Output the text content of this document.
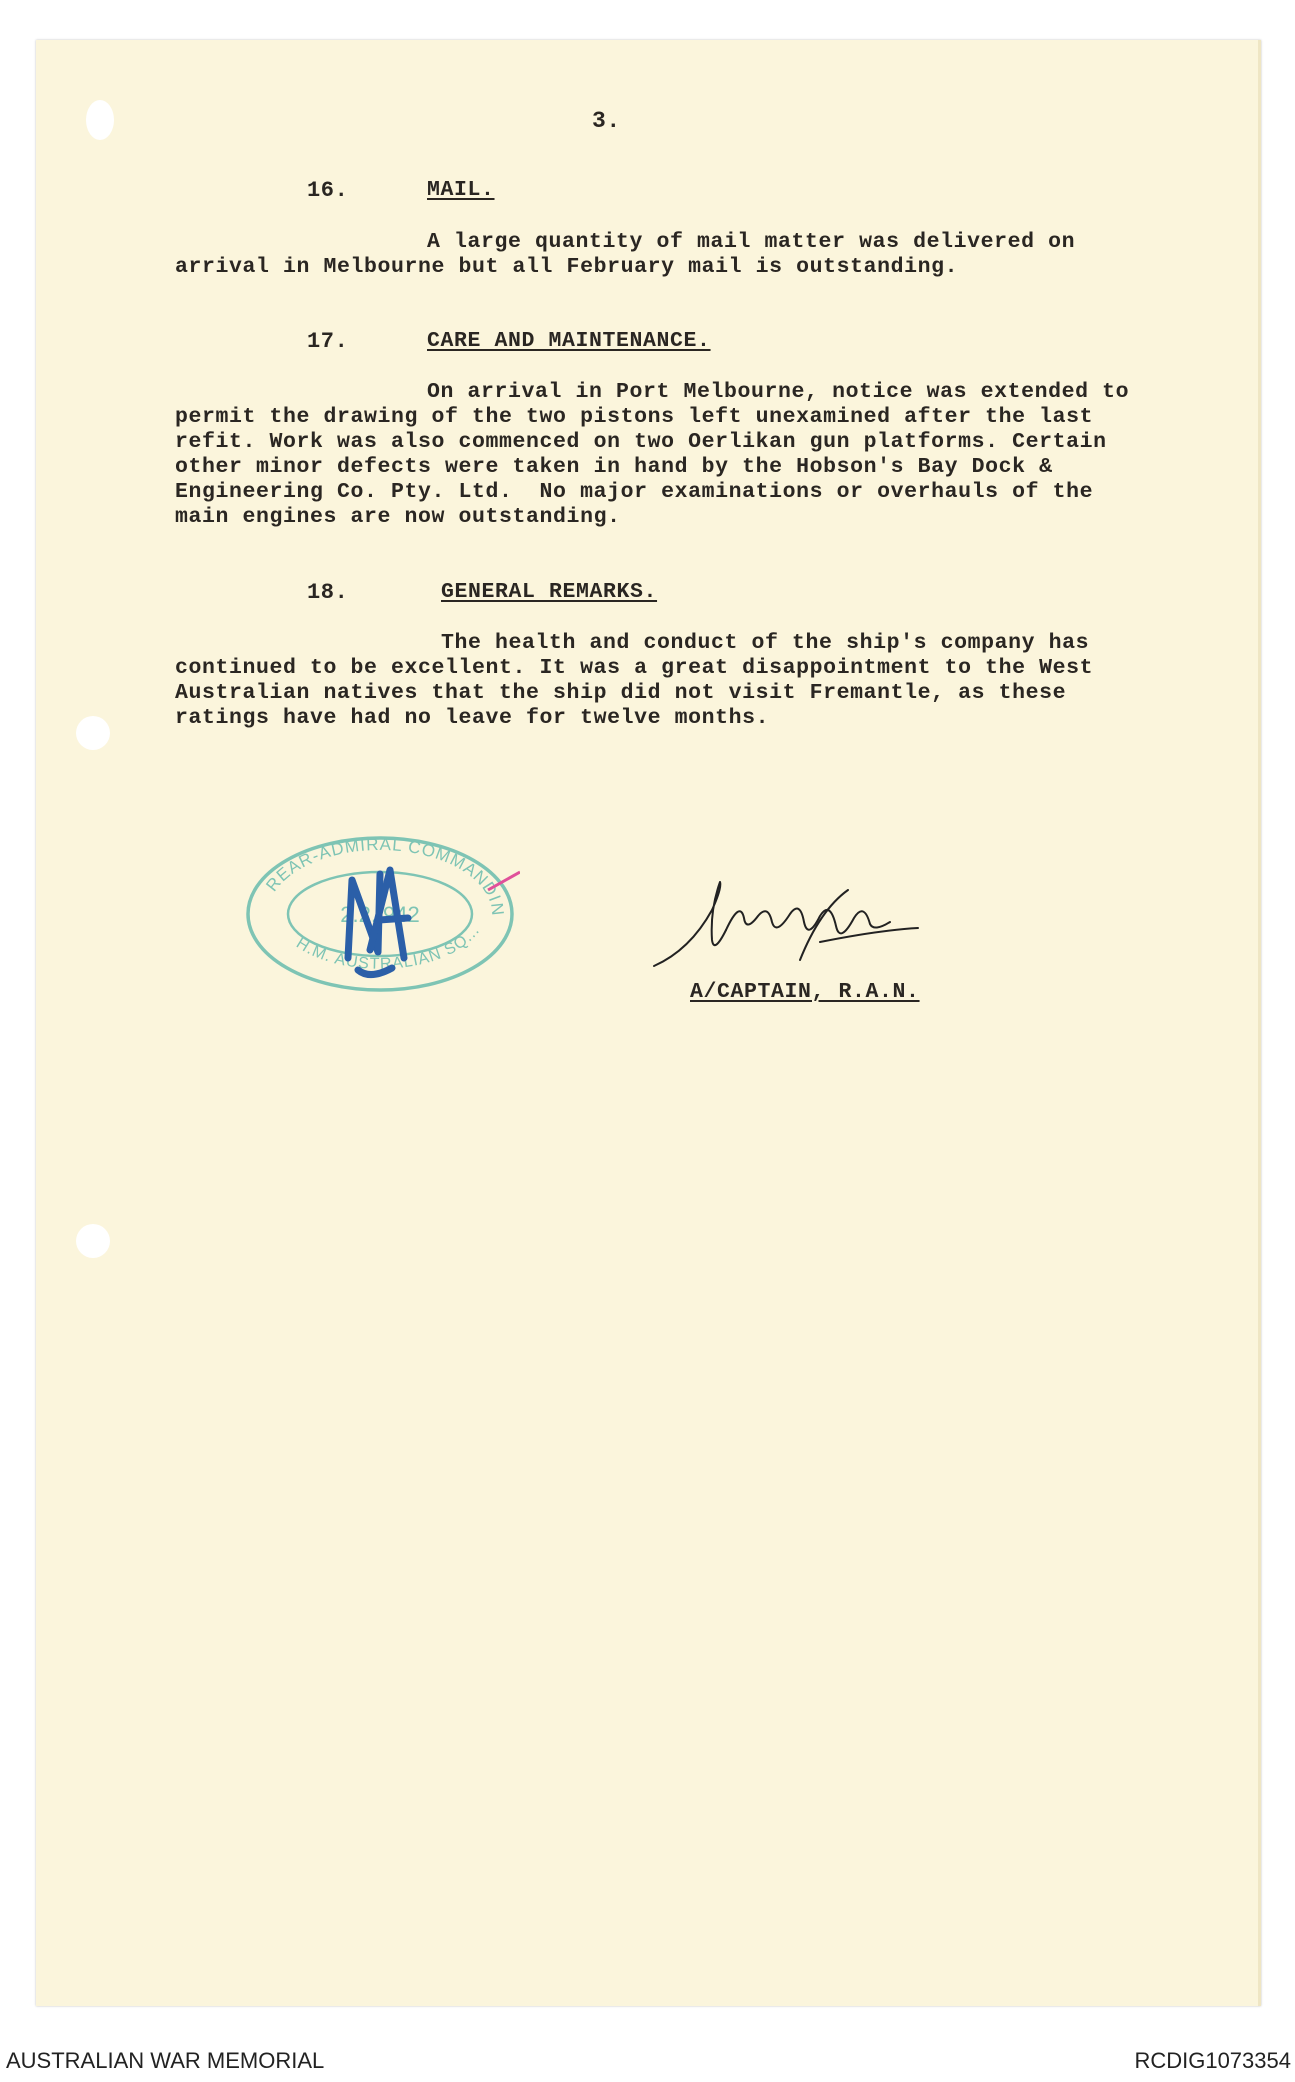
3.
16.	MAIL.
A large quantity of mail matter was delivered on
arrival in Melbourne but all February mail is outstanding.
17.	CARE AND MAINTENANCE.
On arrival in Port Melbourne, notice was extended to
permit the drawing of the two pistons left unexamined after the last
refit. Work was also commenced on two Oerlikan gun platforms. Certain
other minor defects were taken in hand by the Hobson's Bay Dock &
Engineering Co. Pty. Ltd.  No major examinations or overhauls of the
main engines are now outstanding.
18.	GENERAL REMARKS.
The health and conduct of the ship's company has
continued to be excellent. It was a great disappointment to the West
Australian natives that the ship did not visit Fremantle, as these
ratings have had no leave for twelve months.
REAR-ADMIRAL COMMANDIN
2.2. 942
H.M. AUSTRALIAN SQ...
A/CAPTAIN, R.A.N.
AUSTRALIAN WAR MEMORIAL	RCDIG1073354
